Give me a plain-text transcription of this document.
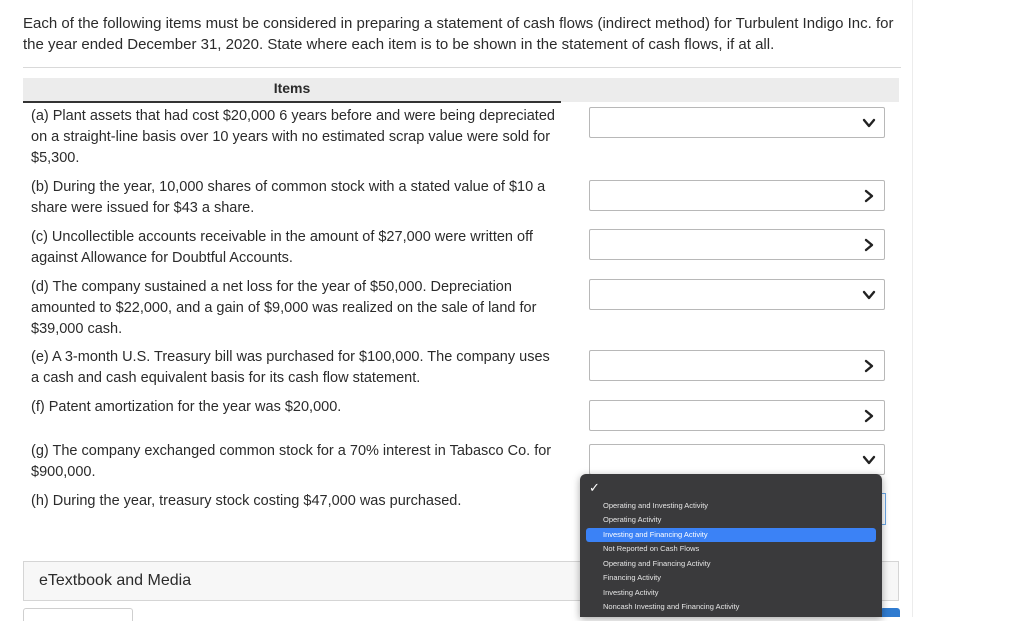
Each of the following items must be considered in preparing a statement of cash flows (indirect method) for Turbulent Indigo Inc. for the year ended December 31, 2020. State where each item is to be shown in the statement of cash flows, if at all.
Items
(a) Plant assets that had cost $20,000 6 years before and were being depreciated on a straight-line basis over 10 years with no estimated scrap value were sold for $5,300.
(b) During the year, 10,000 shares of common stock with a stated value of $10 a share were issued for $43 a share.
(c) Uncollectible accounts receivable in the amount of $27,000 were written off against Allowance for Doubtful Accounts.
(d) The company sustained a net loss for the year of $50,000. Depreciation amounted to $22,000, and a gain of $9,000 was realized on the sale of land for $39,000 cash.
(e) A 3-month U.S. Treasury bill was purchased for $100,000. The company uses a cash and cash equivalent basis for its cash flow statement.
(f) Patent amortization for the year was $20,000.
(g) The company exchanged common stock for a 70% interest in Tabasco Co. for $900,000.
(h) During the year, treasury stock costing $47,000 was purchased.
eTextbook and Media
✓
Operating and Investing Activity
Operating Activity
Investing and Financing Activity
Not Reported on Cash Flows
Operating and Financing Activity
Financing Activity
Investing Activity
Noncash Investing and Financing Activity
